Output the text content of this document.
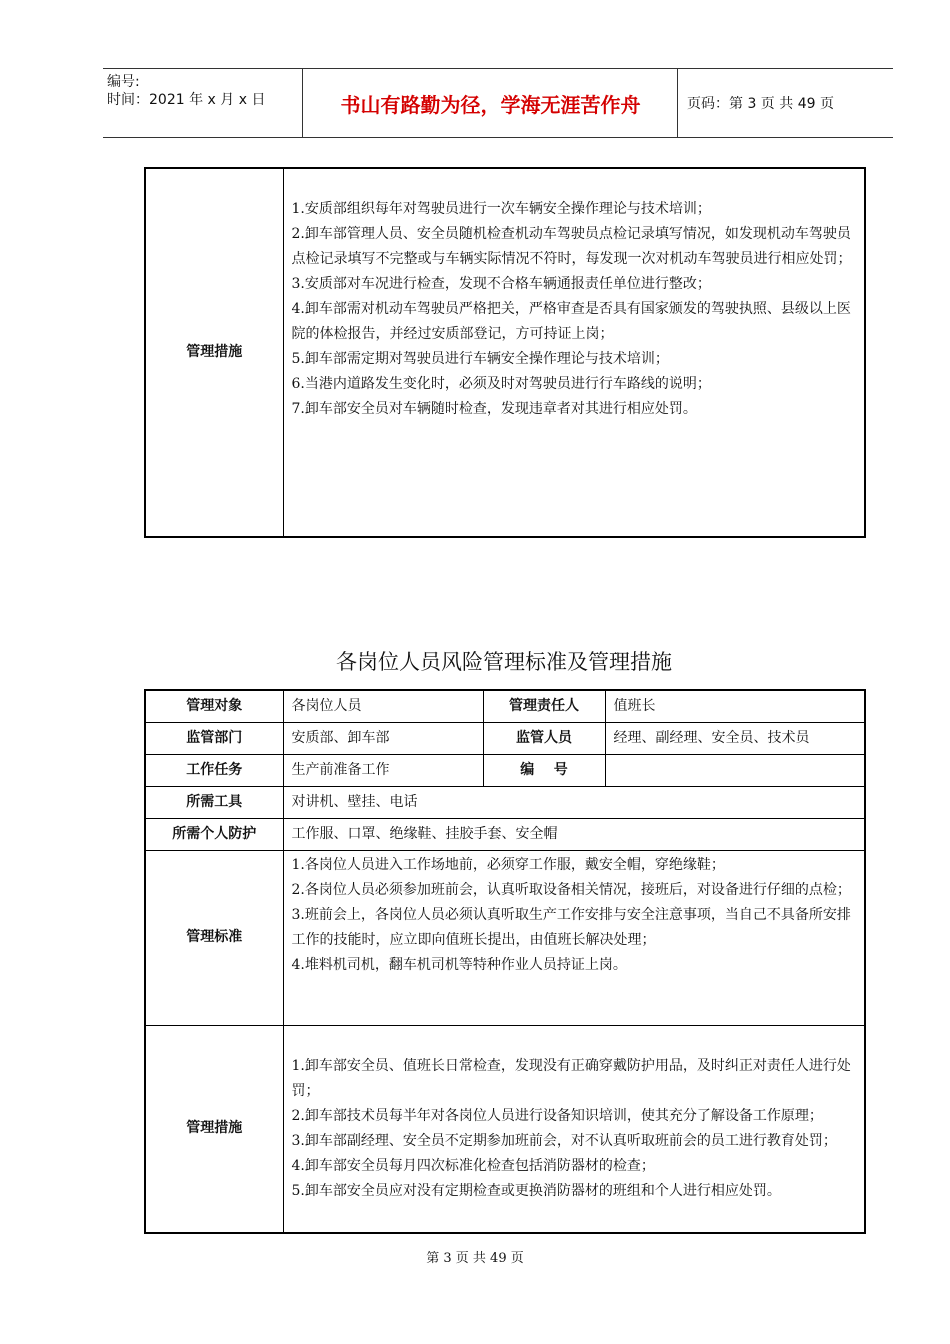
编号:
时间：2021 年 x 月 x 日	书山有路勤为径，学海无涯苦作舟	页码：第 3 页 共 49 页
管理措施	
1.安质部组织每年对驾驶员进行一次车辆安全操作理论与技术培训；
2.卸车部管理人员、安全员随机检查机动车驾驶员点检记录填写情况，如发现机动车驾驶员点检记录填写不完整或与车辆实际情况不符时，每发现一次对机动车驾驶员进行相应处罚；
3.安质部对车况进行检查，发现不合格车辆通报责任单位进行整改；
4.卸车部需对机动车驾驶员严格把关，严格审查是否具有国家颁发的驾驶执照、县级以上医院的体检报告，并经过安质部登记，方可持证上岗；
5.卸车部需定期对驾驶员进行车辆安全操作理论与技术培训；
6.当港内道路发生变化时，必须及时对驾驶员进行行车路线的说明；
7.卸车部安全员对车辆随时检查，发现违章者对其进行相应处罚。
各岗位人员风险管理标准及管理措施
管理对象	各岗位人员	管理责任人	值班长
监管部门	安质部、卸车部	监管人员	经理、副经理、安全员、技术员
工作任务	生产前准备工作	编    号	
所需工具	对讲机、壁挂、电话		
所需个人防护	工作服、口罩、绝缘鞋、挂胶手套、安全帽		
管理标准	1.各岗位人员进入工作场地前，必须穿工作服，戴安全帽，穿绝缘鞋；
2.各岗位人员必须参加班前会，认真听取设备相关情况，接班后，对设备进行仔细的点检；
3.班前会上，各岗位人员必须认真听取生产工作安排与安全注意事项，当自己不具备所安排工作的技能时，应立即向值班长提出，由值班长解决处理；
4.堆料机司机，翻车机司机等特种作业人员持证上岗。		

管理措施	1.卸车部安全员、值班长日常检查，发现没有正确穿戴防护用品，及时纠正对责任人进行处罚；
2.卸车部技术员每半年对各岗位人员进行设备知识培训，使其充分了解设备工作原理；
3.卸车部副经理、安全员不定期参加班前会，对不认真听取班前会的员工进行教育处罚；
4.卸车部安全员每月四次标准化检查包括消防器材的检查；
5.卸车部安全员应对没有定期检查或更换消防器材的班组和个人进行相应处罚。		
第 3 页 共 49 页
